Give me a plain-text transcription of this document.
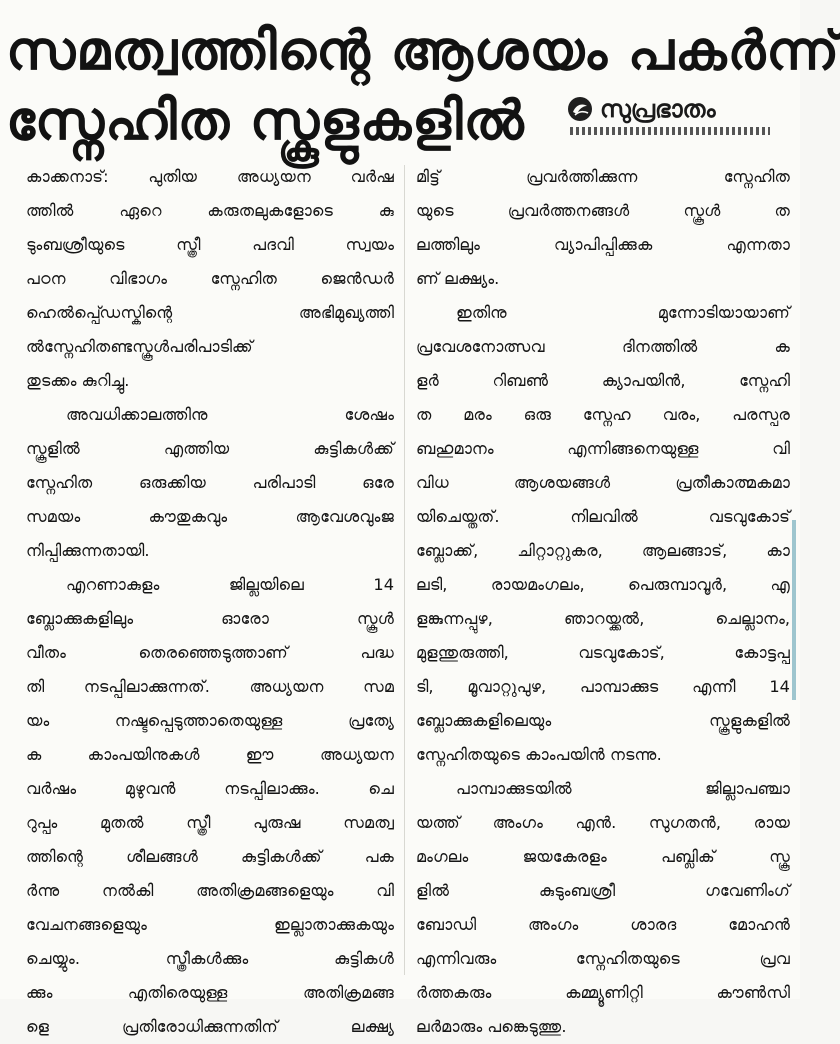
സമത്വത്തിന്റെ ആശയം പകർന്ന്
സ്നേഹിത സ്കൂളുകളിൽ	സുപ്രഭാതം
കാക്കനാട്: പുതിയ അധ്യയന വർഷ
ത്തിൽ ഏറെ കരുതലുകളോടെ കു
ടുംബശ്രീയുടെ സ്ത്രീ പദവി സ്വയം
പഠന വിഭാഗം സ്നേഹിത ജെൻഡർ
ഹെൽപ്പ്ഡെസ്കിന്റെ അഭിമുഖ്യത്തി
ൽസ്നേഹിതണ്ടസ്കൂൾപരിപാടിക്ക്
തുടക്കം കുറിച്ചു.
അവധിക്കാലത്തിനു ശേഷം
സ്കൂളിൽ എത്തിയ കുട്ടികൾക്ക്
സ്നേഹിത ഒരുക്കിയ പരിപാടി ഒരേ
സമയം കൗതുകവും ആവേശവുംജ
നിപ്പിക്കുന്നതായി.
എറണാകുളം ജില്ലയിലെ 14
ബ്ലോക്കുകളിലും ഓരോ സ്കൂൾ
വീതം തെരഞ്ഞെടുത്താണ് പദ്ധ
തി നടപ്പിലാക്കുന്നത്. അധ്യയന സമ
യം നഷ്ടപ്പെടുത്താതെയുള്ള പ്രത്യേ
ക കാംപയിനുകൾ ഈ അധ്യയന
വർഷം മുഴുവൻ നടപ്പിലാക്കും. ചെ
റുപ്പം മുതൽ സ്ത്രീ പുരുഷ സമത്വ
ത്തിന്റെ ശീലങ്ങൾ കുട്ടികൾക്ക് പക
ർന്നു നൽകി അതിക്രമങ്ങളെയും വി
വേചനങ്ങളെയും ഇല്ലാതാക്കുകയും
ചെയ്യും. സ്ത്രീകൾക്കും കുട്ടികൾ
ക്കും എതിരെയുള്ള അതിക്രമങ്ങ
ളെ പ്രതിരോധിക്കുന്നതിന് ലക്ഷ്യ
മിട്ട് പ്രവർത്തിക്കുന്ന സ്നേഹിത
യുടെ പ്രവർത്തനങ്ങൾ സ്കൂൾ ത
ലത്തിലും വ്യാപിപ്പിക്കുക എന്നതാ
ണ് ലക്ഷ്യം.
ഇതിനു മുന്നോടിയായാണ്
പ്രവേശനോത്സവ ദിനത്തിൽ ക
ളർ റിബൺ ക്യാപയിൻ, സ്നേഹി
ത മരം ഒരു സ്നേഹ വരം, പരസ്പര
ബഹുമാനം എന്നിങ്ങനെയുള്ള വി
വിധ ആശയങ്ങൾ പ്രതീകാത്മകമാ
യിചെയ്തത്. നിലവിൽ വടവുകോട്
ബ്ലോക്ക്, ചിറ്റാറ്റുകര, ആലങ്ങാട്, കാ
ലടി, രായമംഗലം, പെരുമ്പാവൂർ, എ
ളങ്കുന്നപ്പുഴ, ഞാറയ്ക്കൽ, ചെല്ലാനം,
മുളന്തുരുത്തി, വടവുകോട്, കോട്ടപ്പ
ടി, മൂവാറ്റുപുഴ, പാമ്പാക്കുട എന്നീ 14
ബ്ലോക്കുകളിലെയും സ്കൂളുകളിൽ
സ്നേഹിതയുടെ കാംപയിൻ നടന്നു.
പാമ്പാക്കുടയിൽ ജില്ലാപഞ്ചാ
യത്ത് അംഗം എൻ. സുഗതൻ, രായ
മംഗലം ജയകേരളം പബ്ലിക് സ്കൂ
ളിൽ കുടുംബശ്രീ ഗവേണിംഗ്
ബോഡി അംഗം ശാരദ മോഹൻ
എന്നിവരും സ്നേഹിതയുടെ പ്രവ
ർത്തകരും കമ്മ്യൂണിറ്റി കൗൺസി
ലർമാരും പങ്കെടുത്തു.
